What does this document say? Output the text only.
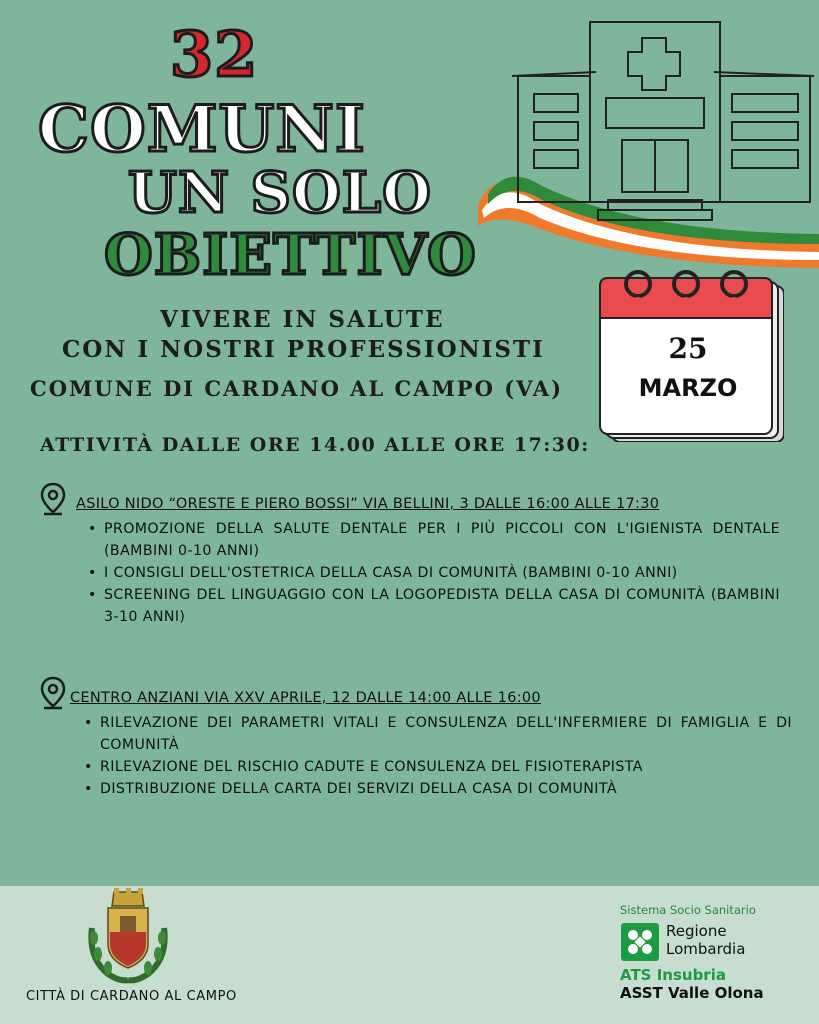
32
COMUNI
UN SOLO
OBIETTIVO
25
MARZO
VIVERE IN SALUTE
CON I NOSTRI PROFESSIONISTI
COMUNE DI CARDANO AL CAMPO (VA)
ATTIVITÀ DALLE ORE 14.00 ALLE ORE 17:30:
ASILO NIDO “ORESTE E PIERO BOSSI” VIA BELLINI, 3 DALLE 16:00 ALLE 17:30
• PROMOZIONE DELLA SALUTE DENTALE PER I PIÙ PICCOLI CON L'IGIENISTA DENTALE (BAMBINI 0-10 ANNI)
• I CONSIGLI DELL'OSTETRICA DELLA CASA DI COMUNITÀ (BAMBINI 0-10 ANNI)
• SCREENING DEL LINGUAGGIO CON LA LOGOPEDISTA DELLA CASA DI COMUNITÀ (BAMBINI 3-10 ANNI)
CENTRO ANZIANI VIA XXV APRILE, 12 DALLE 14:00 ALLE 16:00
• RILEVAZIONE DEI PARAMETRI VITALI E CONSULENZA DELL'INFERMIERE DI FAMIGLIA E DI COMUNITÀ
• RILEVAZIONE DEL RISCHIO CADUTE E CONSULENZA DEL FISIOTERAPISTA
• DISTRIBUZIONE DELLA CARTA DEI SERVIZI DELLA CASA DI COMUNITÀ
CITTÀ DI CARDANO AL CAMPO
Sistema Socio Sanitario
Regione
Lombardia
ATS Insubria
ASST Valle Olona
